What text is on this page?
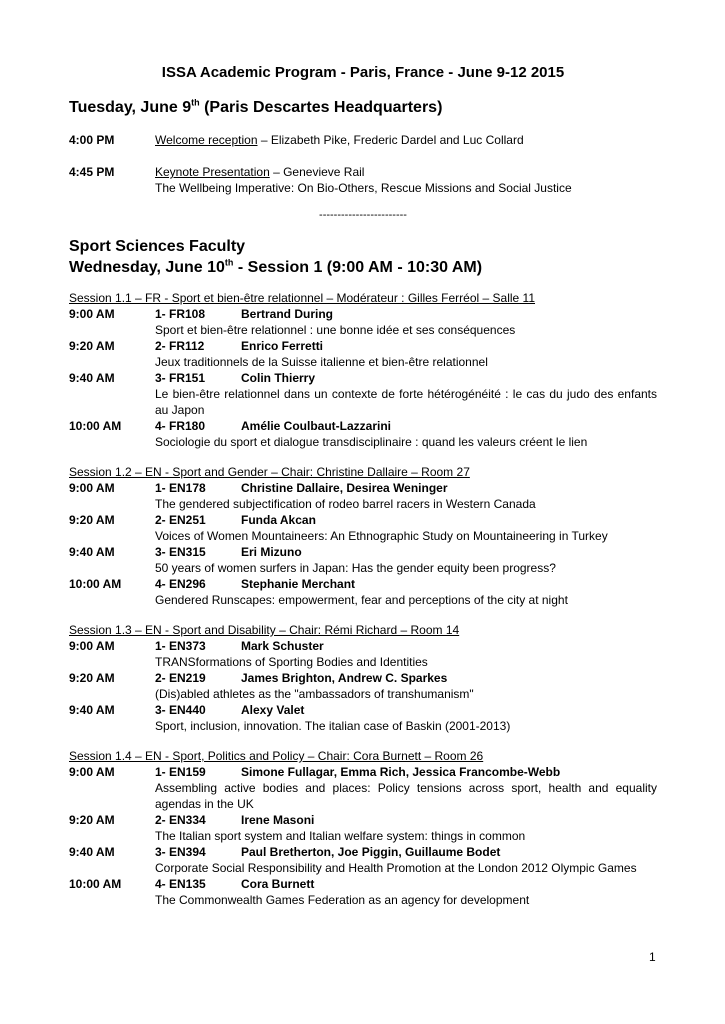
ISSA Academic Program - Paris, France - June 9-12 2015
Tuesday, June 9th (Paris Descartes Headquarters)
4:00 PM	Welcome reception – Elizabeth Pike, Frederic Dardel and Luc Collard
4:45 PM	Keynote Presentation – Genevieve Rail
The Wellbeing Imperative: On Bio-Others, Rescue Missions and Social Justice
------------------------
Sport Sciences Faculty
Wednesday, June 10th - Session 1 (9:00 AM - 10:30 AM)
Session 1.1 – FR - Sport et bien-être relationnel – Modérateur : Gilles Ferréol – Salle 11
9:00 AM	1- FR108	Bertrand During
Sport et bien-être relationnel : une bonne idée et ses conséquences
9:20 AM	2- FR112	Enrico Ferretti
Jeux traditionnels de la Suisse italienne et bien-être relationnel
9:40 AM	3- FR151	Colin Thierry
Le bien-être relationnel dans un contexte de forte hétérogénéité : le cas du judo des enfants au Japon
10:00 AM	4- FR180	Amélie Coulbaut-Lazzarini
Sociologie du sport et dialogue transdisciplinaire : quand les valeurs créent le lien
Session 1.2 – EN - Sport and Gender – Chair: Christine Dallaire – Room 27
9:00 AM	1- EN178	Christine Dallaire, Desirea Weninger
The gendered subjectification of rodeo barrel racers in Western Canada
9:20 AM	2- EN251	Funda Akcan
Voices of Women Mountaineers: An Ethnographic Study on Mountaineering in Turkey
9:40 AM	3- EN315	Eri Mizuno
50 years of women surfers in Japan: Has the gender equity been progress?
10:00 AM	4- EN296	Stephanie Merchant
Gendered Runscapes: empowerment, fear and perceptions of the city at night
Session 1.3 – EN - Sport and Disability – Chair: Rémi Richard – Room 14
9:00 AM	1- EN373	Mark Schuster
TRANSformations of Sporting Bodies and Identities
9:20 AM	2- EN219	James Brighton, Andrew C. Sparkes
(Dis)abled athletes as the "ambassadors of transhumanism"
9:40 AM	3- EN440	Alexy Valet
Sport, inclusion, innovation. The italian case of Baskin (2001-2013)
Session 1.4 – EN - Sport, Politics and Policy – Chair: Cora Burnett – Room 26
9:00 AM	1- EN159	Simone Fullagar, Emma Rich, Jessica Francombe-Webb
Assembling active bodies and places: Policy tensions across sport, health and equality agendas in the UK
9:20 AM	2- EN334	Irene Masoni
The Italian sport system and Italian welfare system: things in common
9:40 AM	3- EN394	Paul Bretherton, Joe Piggin, Guillaume Bodet
Corporate Social Responsibility and Health Promotion at the London 2012 Olympic Games
10:00 AM	4- EN135	Cora Burnett
The Commonwealth Games Federation as an agency for development
1
